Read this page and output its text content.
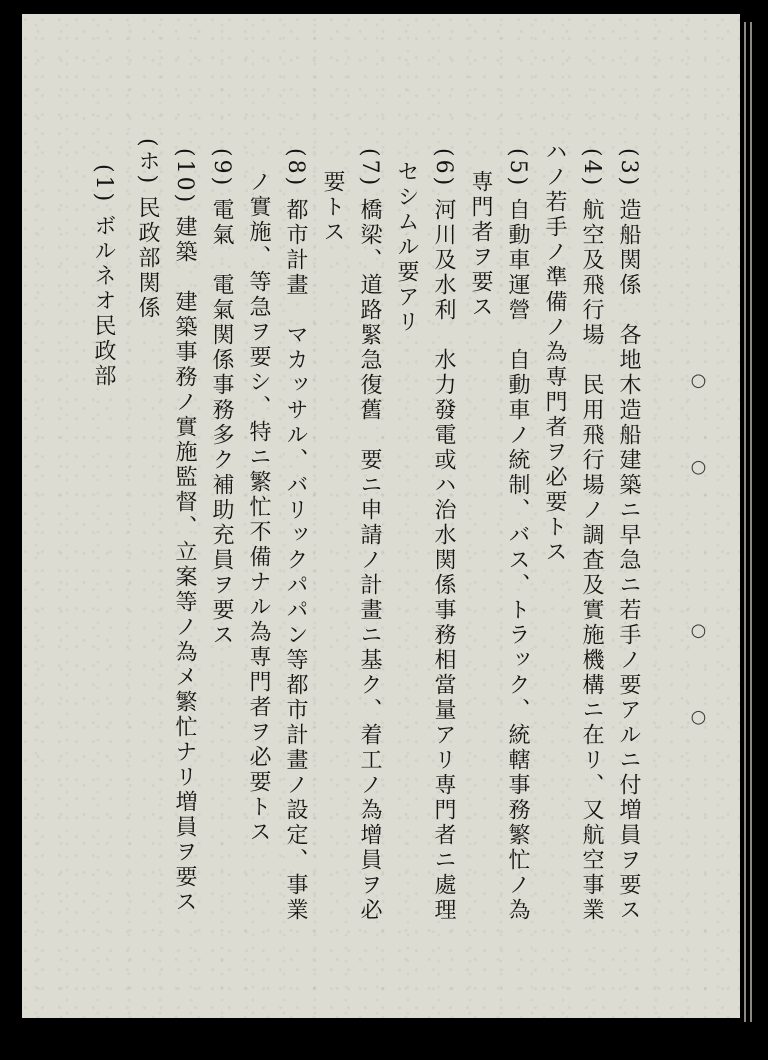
(3) 造船関係　各地木造船建築ニ早急ニ若手ノ要アルニ付増員ヲ要ス
(4) 航空及飛行場　民用飛行場ノ調査及實施機構ニ在リ、又航空事業
ハノ若手ノ準備ノ為専門者ヲ必要トス
(5) 自動車運營　自動車ノ統制、バス、トラック、統轄事務繁忙ノ為
専門者ヲ要ス
(6) 河川及水利　水力發電或ハ治水関係事務相當量アリ専門者ニ處理
セシムル要アリ
(7) 橋梁、道路緊急復舊　要ニ申請ノ計畫ニ基ク、着工ノ為增員ヲ必
要トス
(8) 都市計畫　マカッサル、バリックパパン等都市計畫ノ設定、事業
ノ實施、等急ヲ要シ、特ニ繁忙不備ナル為専門者ヲ必要トス
(9) 電氣　電氣関係事務多ク補助充員ヲ要ス
(10) 建築　建築事務ノ實施監督、立案等ノ為メ繁忙ナリ増員ヲ要ス
(ホ) 民政部関係
(1) ボルネオ民政部
○ ○
○ ○
